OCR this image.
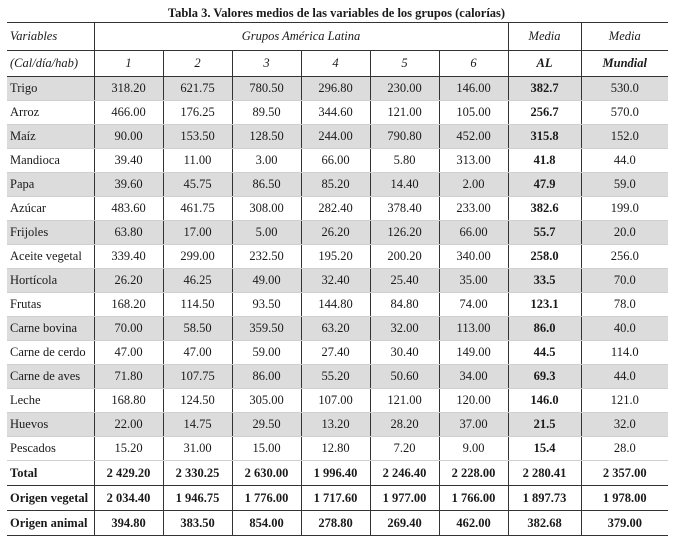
Tabla 3. Valores medios de las variables de los grupos (calorías)
Variables	Grupos América Latina						Media	Media
(Cal/día/hab)	1	2	3	4	5	6	AL	Mundial
Trigo	318.20	621.75	780.50	296.80	230.00	146.00	382.7	530.0
Arroz	466.00	176.25	89.50	344.60	121.00	105.00	256.7	570.0
Maíz	90.00	153.50	128.50	244.00	790.80	452.00	315.8	152.0
Mandioca	39.40	11.00	3.00	66.00	5.80	313.00	41.8	44.0
Papa	39.60	45.75	86.50	85.20	14.40	2.00	47.9	59.0
Azúcar	483.60	461.75	308.00	282.40	378.40	233.00	382.6	199.0
Frijoles	63.80	17.00	5.00	26.20	126.20	66.00	55.7	20.0
Aceite vegetal	339.40	299.00	232.50	195.20	200.20	340.00	258.0	256.0
Hortícola	26.20	46.25	49.00	32.40	25.40	35.00	33.5	70.0
Frutas	168.20	114.50	93.50	144.80	84.80	74.00	123.1	78.0
Carne bovina	70.00	58.50	359.50	63.20	32.00	113.00	86.0	40.0
Carne de cerdo	47.00	47.00	59.00	27.40	30.40	149.00	44.5	114.0
Carne de aves	71.80	107.75	86.00	55.20	50.60	34.00	69.3	44.0
Leche	168.80	124.50	305.00	107.00	121.00	120.00	146.0	121.0
Huevos	22.00	14.75	29.50	13.20	28.20	37.00	21.5	32.0
Pescados	15.20	31.00	15.00	12.80	7.20	9.00	15.4	28.0
Total	2 429.20	2 330.25	2 630.00	1 996.40	2 246.40	2 228.00	2 280.41	2 357.00
Origen vegetal	2 034.40	1 946.75	1 776.00	1 717.60	1 977.00	1 766.00	1 897.73	1 978.00
Origen animal	394.80	383.50	854.00	278.80	269.40	462.00	382.68	379.00
